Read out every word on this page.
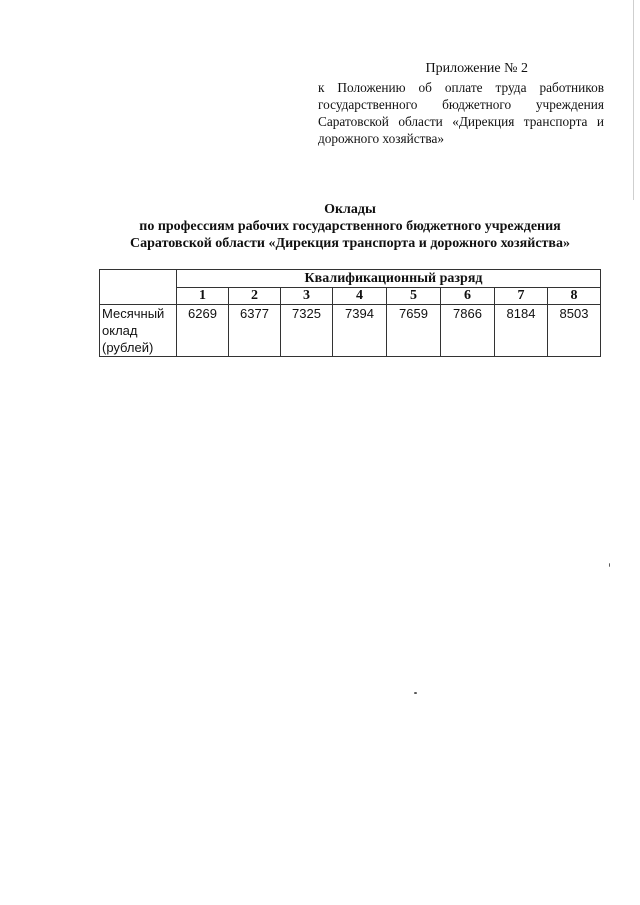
Приложение № 2
к Положению об оплате труда работников государственного бюджетного учреждения Саратовской области «Дирекция транспорта и дорожного хозяйства»
Оклады
по профессиям рабочих государственного бюджетного учреждения
Саратовской области «Дирекция транспорта и дорожного хозяйства»
	Квалификационный разряд							
	1	2	3	4	5	6	7	8
Месячный оклад (рублей)	6269	6377	7325	7394	7659	7866	8184	8503
